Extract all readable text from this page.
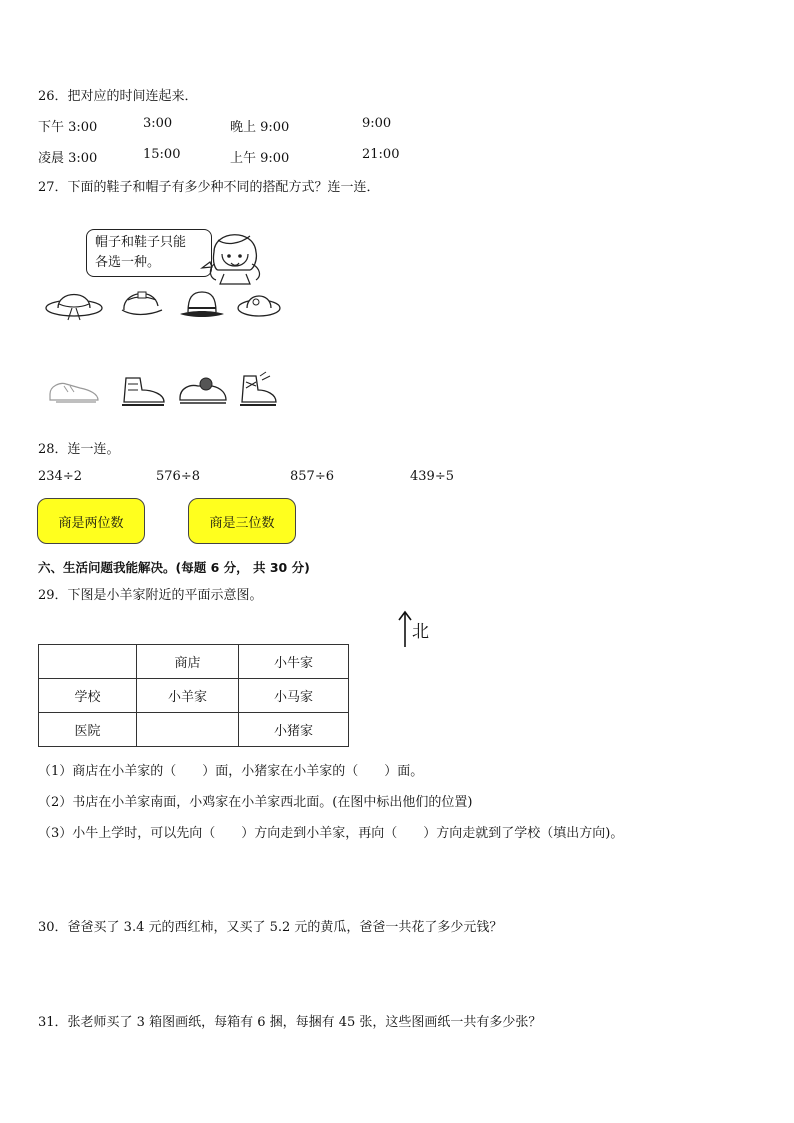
26．把对应的时间连起来．
下午 3:00	3:00	晚上 9:00	9:00
凌晨 3:00	15:00	上午 9:00	21:00
27．下面的鞋子和帽子有多少种不同的搭配方式？连一连．
帽子和鞋子只能
各选一种。
28．连一连。
234÷2	576÷8	857÷6	439÷5
商是两位数	商是三位数
六、生活问题我能解决。(每题 6 分， 共 30 分)
29．下图是小羊家附近的平面示意图。
北
	商店	小牛家
学校	小羊家	小马家
医院		小猪家
（1）商店在小羊家的（　　）面，小猪家在小羊家的（　　）面。
（2）书店在小羊家南面，小鸡家在小羊家西北面。(在图中标出他们的位置)
（3）小牛上学时，可以先向（　　）方向走到小羊家，再向（　　）方向走就到了学校（填出方向)。
30．爸爸买了 3.4 元的西红柿，又买了 5.2 元的黄瓜，爸爸一共花了多少元钱？
31．张老师买了 3 箱图画纸，每箱有 6 捆，每捆有 45 张，这些图画纸一共有多少张？
